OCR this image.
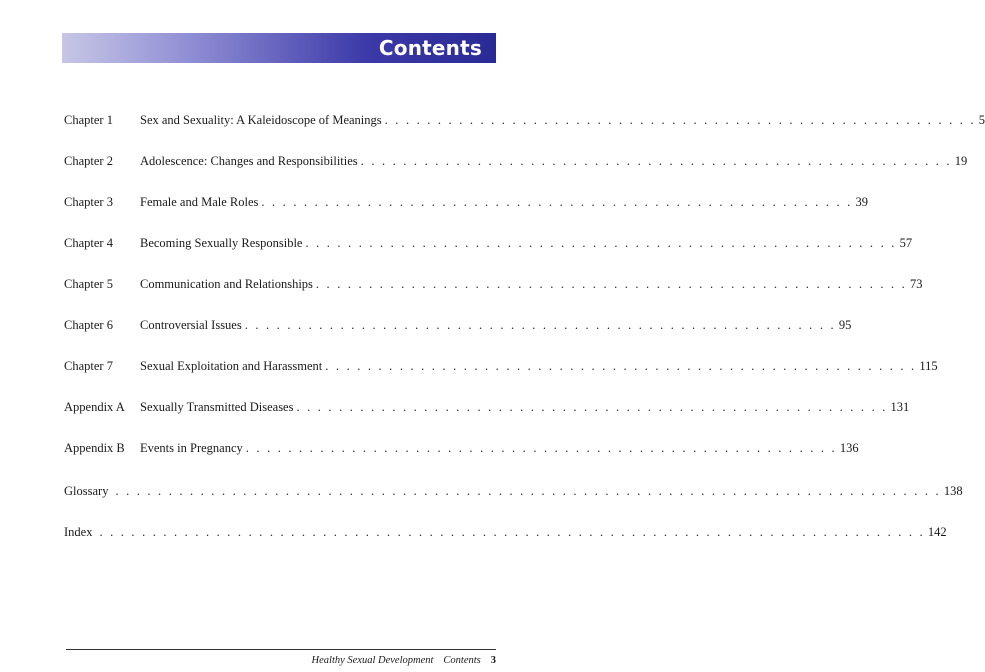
Contents
Chapter 1	Sex and Sexuality: A Kaleidoscope of Meanings . . . . . . . . . . . . . . . . . . . . . . . . . . . . . . . . . . . . . . . . . . . . . . . . . . . . . . . . 5
Chapter 2	Adolescence: Changes and Responsibilities . . . . . . . . . . . . . . . . . . . . . . . . . . . . . . . . . . . . . . . . . . . . . . . . . . . . . . . . 19
Chapter 3	Female and Male Roles . . . . . . . . . . . . . . . . . . . . . . . . . . . . . . . . . . . . . . . . . . . . . . . . . . . . . . . . 39
Chapter 4	Becoming Sexually Responsible . . . . . . . . . . . . . . . . . . . . . . . . . . . . . . . . . . . . . . . . . . . . . . . . . . . . . . . . 57
Chapter 5	Communication and Relationships . . . . . . . . . . . . . . . . . . . . . . . . . . . . . . . . . . . . . . . . . . . . . . . . . . . . . . . . 73
Chapter 6	Controversial Issues . . . . . . . . . . . . . . . . . . . . . . . . . . . . . . . . . . . . . . . . . . . . . . . . . . . . . . . . 95
Chapter 7	Sexual Exploitation and Harassment . . . . . . . . . . . . . . . . . . . . . . . . . . . . . . . . . . . . . . . . . . . . . . . . . . . . . . . . 115
Appendix A	Sexually Transmitted Diseases . . . . . . . . . . . . . . . . . . . . . . . . . . . . . . . . . . . . . . . . . . . . . . . . . . . . . . . . 131
Appendix B	Events in Pregnancy . . . . . . . . . . . . . . . . . . . . . . . . . . . . . . . . . . . . . . . . . . . . . . . . . . . . . . . . 136
Glossary . . . . . . . . . . . . . . . . . . . . . . . . . . . . . . . . . . . . . . . . . . . . . . . . . . . . . . . . . . . . . . . . . . . . . . . . . . . . . . 138
Index . . . . . . . . . . . . . . . . . . . . . . . . . . . . . . . . . . . . . . . . . . . . . . . . . . . . . . . . . . . . . . . . . . . . . . . . . . . . . . 142
Healthy Sexual Development Contents 3
